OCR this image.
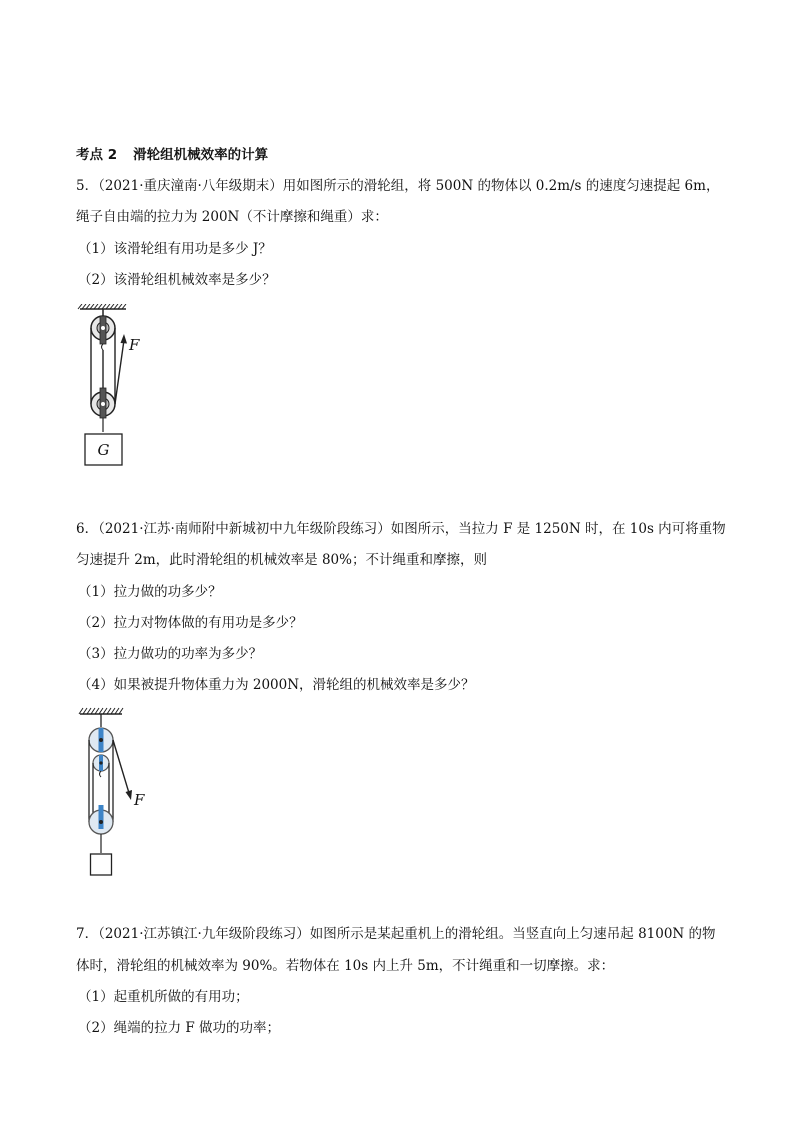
考点 2 滑轮组机械效率的计算
5．（2021·重庆潼南·八年级期末）用如图所示的滑轮组，将 500N 的物体以 0.2m/s 的速度匀速提起 6m，
绳子自由端的拉力为 200N（不计摩擦和绳重）求：
（1）该滑轮组有用功是多少 J？
（2）该滑轮组机械效率是多少？
F
G
6．（2021·江苏·南师附中新城初中九年级阶段练习）如图所示，当拉力 F 是 1250N 时，在 10s 内可将重物
匀速提升 2m，此时滑轮组的机械效率是 80%；不计绳重和摩擦，则
（1）拉力做的功多少？
（2）拉力对物体做的有用功是多少？
（3）拉力做功的功率为多少？
（4）如果被提升物体重力为 2000N，滑轮组的机械效率是多少？
F
7．（2021·江苏镇江·九年级阶段练习）如图所示是某起重机上的滑轮组。当竖直向上匀速吊起 8100N 的物
体时，滑轮组的机械效率为 90%。若物体在 10s 内上升 5m，不计绳重和一切摩擦。求：
（1）起重机所做的有用功；
（2）绳端的拉力 F 做功的功率；
